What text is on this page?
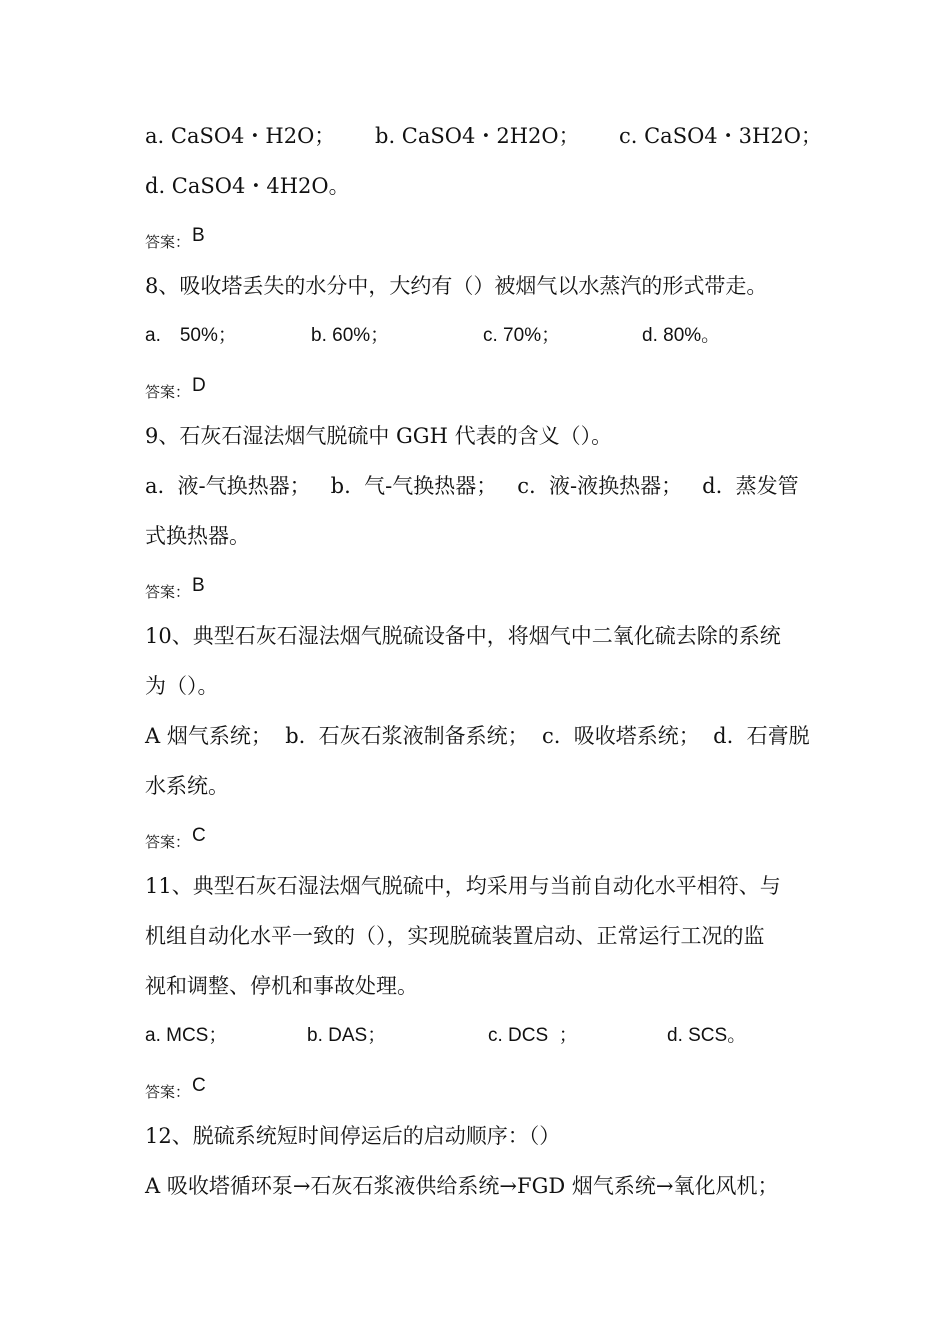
a. CaSO4・H2O； b. CaSO4・2H2O； c. CaSO4・3H2O；
d. CaSO4・4H2O。
答案： B
8、吸收塔丢失的水分中，大约有（）被烟气以水蒸汽的形式带走。
a.　50%；	b. 60%；	c. 70%；	d. 80%。
答案： D
9、石灰石湿法烟气脱硫中 GGH 代表的含义（）。
a.  液-气换热器；   b.  气-气换热器；   c.  液-液换热器；   d.  蒸发管
式换热器。
答案： B
10、典型石灰石湿法烟气脱硫设备中，将烟气中二氧化硫去除的系统
为（）。
A 烟气系统；  b.  石灰石浆液制备系统；  c.  吸收塔系统；  d.  石膏脱
水系统。
答案： C
11、典型石灰石湿法烟气脱硫中，均采用与当前自动化水平相符、与
机组自动化水平一致的（），实现脱硫装置启动、正常运行工况的监
视和调整、停机和事故处理。
a. MCS；	b. DAS；	c. DCS  ；	d. SCS。
答案： C
12、脱硫系统短时间停运后的启动顺序：（）
A 吸收塔循环泵→石灰石浆液供给系统→FGD 烟气系统→氧化风机；
